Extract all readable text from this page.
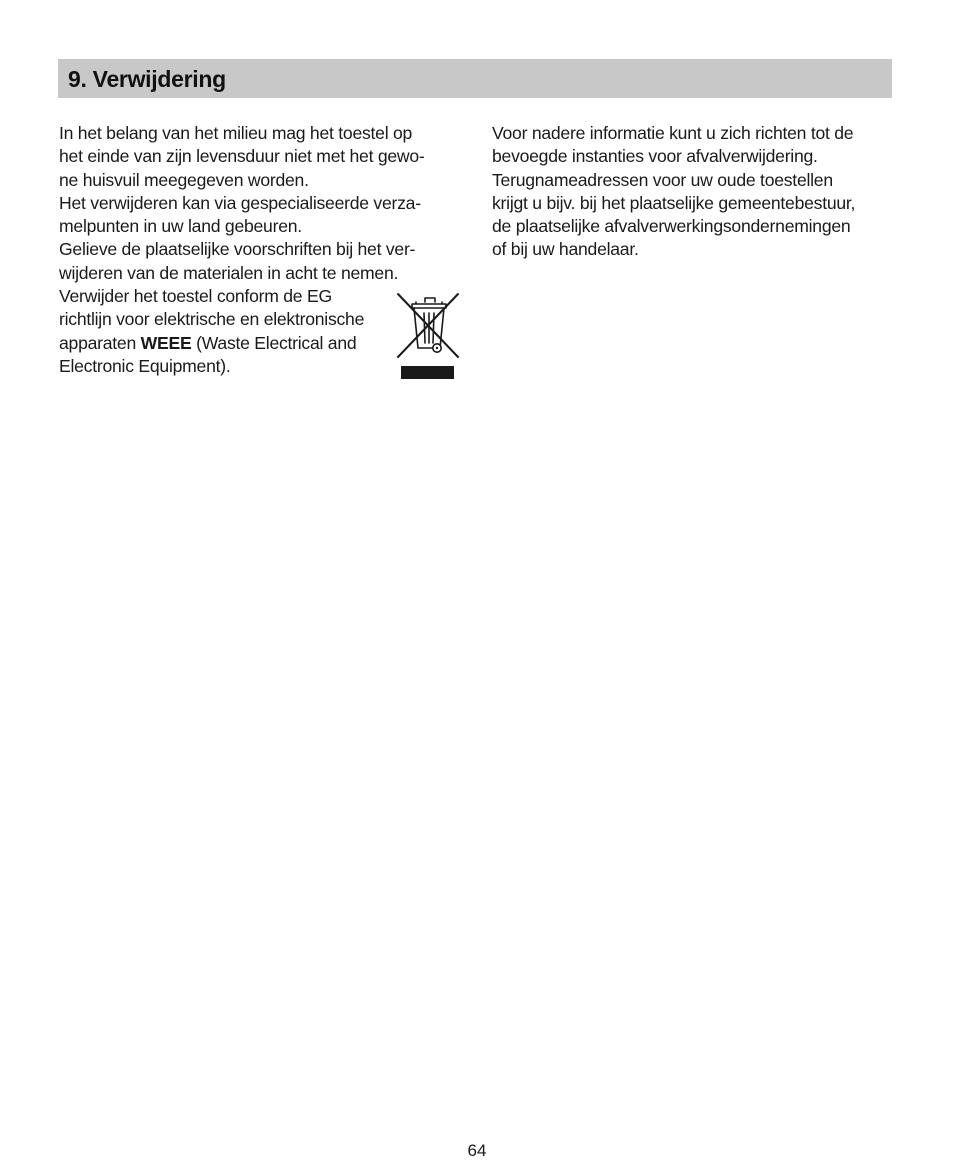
9. Verwijdering
In het belang van het milieu mag het toestel op
het einde van zijn levensduur niet met het gewo-
ne huisvuil meegegeven worden.
Het verwijderen kan via gespecialiseerde verza-
melpunten in uw land gebeuren.
Gelieve de plaatselijke voorschriften bij het ver-
wijderen van de materialen in acht te nemen.
Verwijder het toestel conform de EG
richtlijn voor elektrische en elektronische
apparaten WEEE (Waste Electrical and
Electronic Equipment).
Voor nadere informatie kunt u zich richten tot de
bevoegde instanties voor afvalverwijdering.
Terugnameadressen voor uw oude toestellen
krijgt u bijv. bij het plaatselijke gemeentebestuur,
de plaatselijke afvalverwerkingsondernemingen
of bij uw handelaar.
64
